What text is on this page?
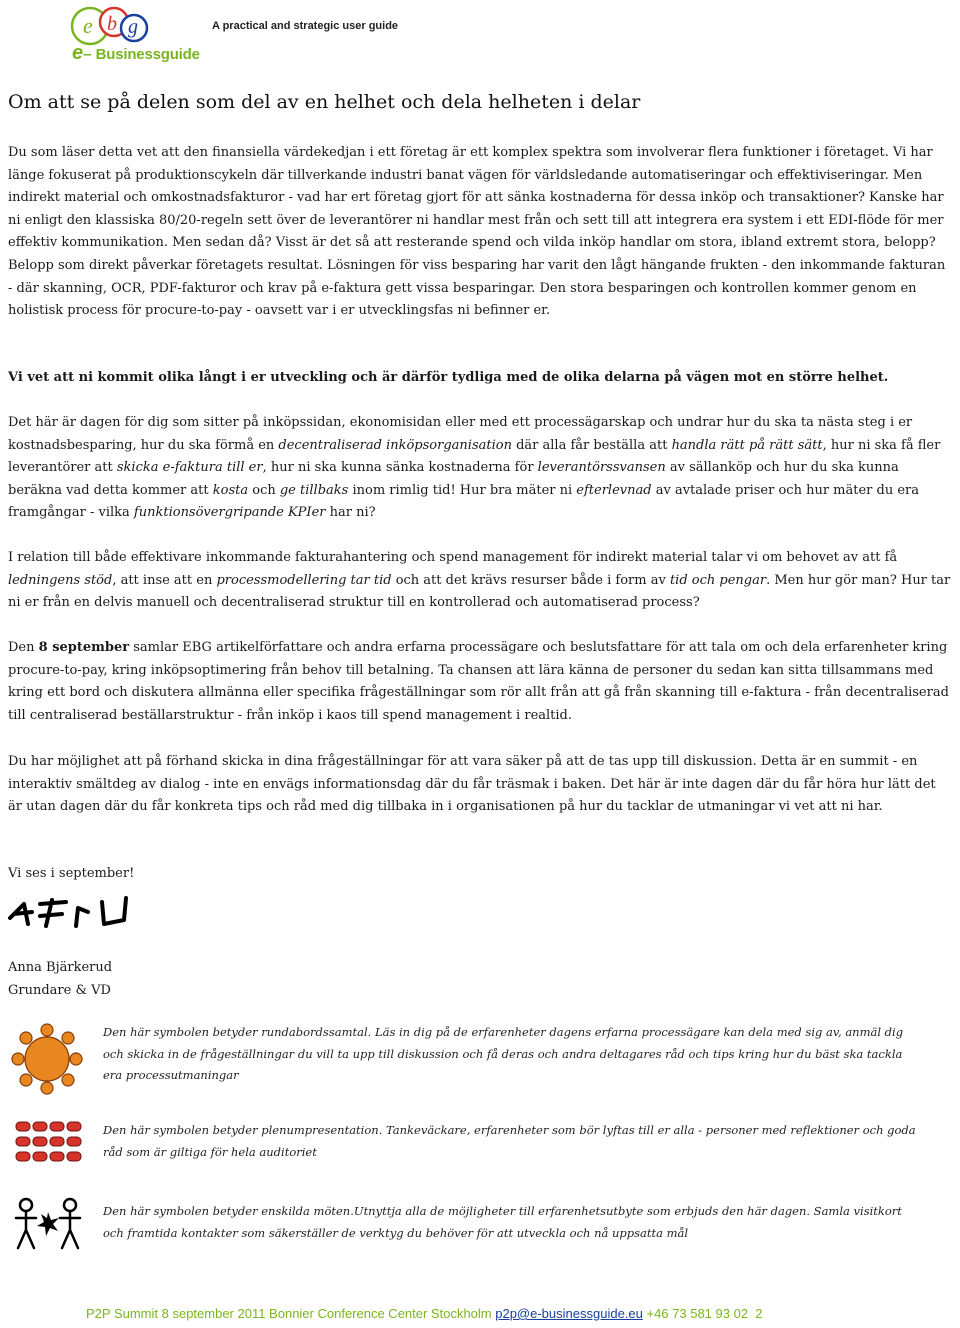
e b g	A practical and strategic user guide
e– Businessguide
Om att se på delen som del av en helhet och dela helheten i delar

Du som läser detta vet att den finansiella värdekedjan i ett företag är ett komplex spektra som involverar flera funktioner i företaget. Vi har länge fokuserat på produktionscykeln där tillverkande industri banat vägen för världsledande automatiseringar och effektiviseringar. Men indirekt material och omkostnadsfakturor - vad har ert företag gjort för att sänka kostnaderna för dessa inköp och transaktioner? Kanske har ni enligt den klassiska 80/20-regeln sett över de leverantörer ni handlar mest från och sett till att integrera era system i ett EDI-flöde för mer effektiv kommunikation. Men sedan då? Visst är det så att resterande spend och vilda inköp handlar om stora, ibland extremt stora, belopp? Belopp som direkt påverkar företagets resultat. Lösningen för viss besparing har varit den lågt hängande frukten - den inkommande fakturan - där skanning, OCR, PDF-fakturor och krav på e-faktura gett vissa besparingar. Den stora besparingen och kontrollen kommer genom en holistisk process för procure-to-pay - oavsett var i er utvecklingsfas ni befinner er.

Vi vet att ni kommit olika långt i er utveckling och är därför tydliga med de olika delarna på vägen mot en större helhet.

Det här är dagen för dig som sitter på inköpssidan, ekonomisidan eller med ett processägarskap och undrar hur du ska ta nästa steg i er kostnadsbesparing, hur du ska förmå en decentraliserad inköpsorganisation där alla får beställa att handla rätt på rätt sätt, hur ni ska få fler leverantörer att skicka e-faktura till er, hur ni ska kunna sänka kostnaderna för leverantörssvansen av sällanköp och hur du ska kunna beräkna vad detta kommer att kosta och ge tillbaks inom rimlig tid! Hur bra mäter ni efterlevnad av avtalade priser och hur mäter du era framgångar - vilka funktionsövergripande KPIer har ni?

I relation till både effektivare inkommande fakturahantering och spend management för indirekt material talar vi om behovet av att få ledningens stöd, att inse att en processmodellering tar tid och att det krävs resurser både i form av tid och pengar. Men hur gör man? Hur tar ni er från en delvis manuell och decentraliserad struktur till en kontrollerad och automatiserad process?

Den 8 september samlar EBG artikelförfattare och andra erfarna processägare och beslutsfattare för att tala om och dela erfarenheter kring procure-to-pay, kring inköpsoptimering från behov till betalning. Ta chansen att lära känna de personer du sedan kan sitta tillsammans med kring ett bord och diskutera allmänna eller specifika frågeställningar som rör allt från att gå från skanning till e-faktura - från decentraliserad till centraliserad beställarstruktur - från inköp i kaos till spend management i realtid.

Du har möjlighet att på förhand skicka in dina frågeställningar för att vara säker på att de tas upp till diskussion. Detta är en summit - en interaktiv smältdeg av dialog - inte en envägs informationsdag där du får träsmak i baken. Det här är inte dagen där du får höra hur lätt det är utan dagen där du får konkreta tips och råd med dig tillbaka in i organisationen på hur du tacklar de utmaningar vi vet att ni har.
Vi ses i september!
Anna Bjärkerud
Grundare & VD
Den här symbolen betyder rundabordssamtal. Läs in dig på de erfarenheter dagens erfarna processägare kan dela med sig av, anmäl dig och skicka in de frågeställningar du vill ta upp till diskussion och få deras och andra deltagares råd och tips kring hur du bäst ska tackla era processutmaningar
Den här symbolen betyder plenumpresentation. Tankeväckare, erfarenheter som bör lyftas till er alla - personer med reflektioner och goda råd som är giltiga för hela auditoriet
Den här symbolen betyder enskilda möten.Utnyttja alla de möjligheter till erfarenhetsutbyte som erbjuds den här dagen. Samla visitkort och framtida kontakter som säkerställer de verktyg du behöver för att utveckla och nå uppsatta mål
P2P Summit 8 september 2011 Bonnier Conference Center Stockholm p2p@e-businessguide.eu +46 73 581 93 02 2
